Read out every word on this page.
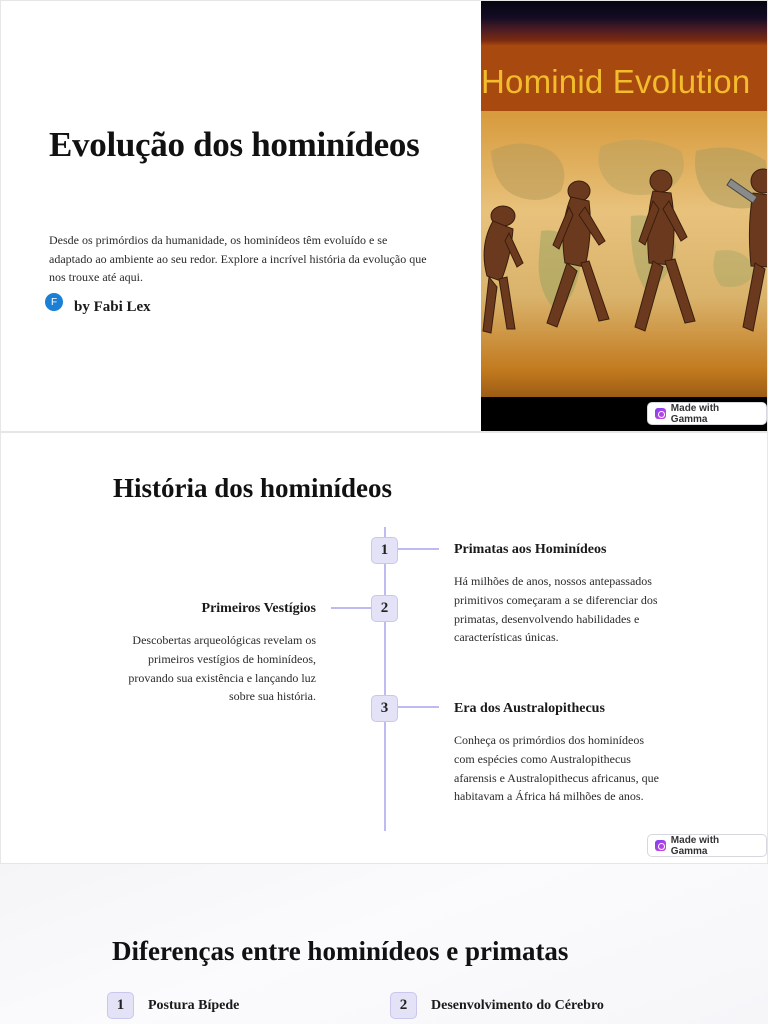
Evolução dos hominídeos

Desde os primórdios da humanidade, os hominídeos têm evoluído e se adaptado ao ambiente ao seu redor. Explore a incrível história da evolução que nos trouxe até aqui.

F	by Fabi Lex
Hominid Evolution
Made with Gamma
História dos hominídeos
1	Primatas aos Hominídeos
Há milhões de anos, nossos antepassados primitivos começaram a se diferenciar dos primatas, desenvolvendo habilidades e características únicas.
2
Primeiros Vestígios
Descobertas arqueológicas revelam os primeiros vestígios de hominídeos, provando sua existência e lançando luz sobre sua história.
3	Era dos Australopithecus
Conheça os primórdios dos hominídeos com espécies como Australopithecus afarensis e Australopithecus africanus, que habitavam a África há milhões de anos.
Made with Gamma
Diferenças entre hominídeos e primatas
1	Postura Bípede	2	Desenvolvimento do Cérebro
